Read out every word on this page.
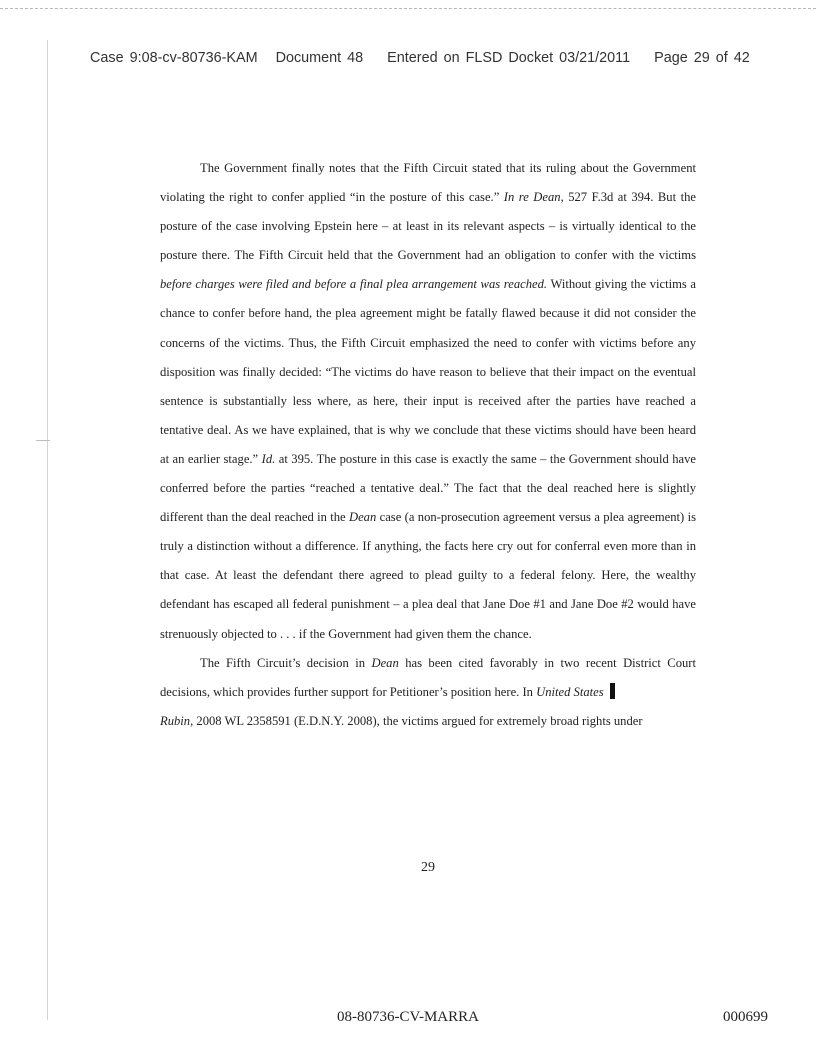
Case 9:08-cv-80736-KAM Document 48 Entered on FLSD Docket 03/21/2011 Page 29 of 42

The Government finally notes that the Fifth Circuit stated that its ruling about the Government violating the right to confer applied “in the posture of this case.” In re Dean, 527 F.3d at 394. But the posture of the case involving Epstein here – at least in its relevant aspects – is virtually identical to the posture there. The Fifth Circuit held that the Government had an obligation to confer with the victims before charges were filed and before a final plea arrangement was reached. Without giving the victims a chance to confer before hand, the plea agreement might be fatally flawed because it did not consider the concerns of the victims. Thus, the Fifth Circuit emphasized the need to confer with victims before any disposition was finally decided: “The victims do have reason to believe that their impact on the eventual sentence is substantially less where, as here, their input is received after the parties have reached a tentative deal. As we have explained, that is why we conclude that these victims should have been heard at an earlier stage.” Id. at 395. The posture in this case is exactly the same – the Government should have conferred before the parties “reached a tentative deal.” The fact that the deal reached here is slightly different than the deal reached in the Dean case (a non-prosecution agreement versus a plea agreement) is truly a distinction without a difference. If anything, the facts here cry out for conferral even more than in that case. At least the defendant there agreed to plead guilty to a federal felony. Here, the wealthy defendant has escaped all federal punishment – a plea deal that Jane Doe #1 and Jane Doe #2 would have strenuously objected to . . . if the Government had given them the chance.

The Fifth Circuit’s decision in Dean has been cited favorably in two recent District Court decisions, which provides further support for Petitioner’s position here. In United States
Rubin, 2008 WL 2358591 (E.D.N.Y. 2008), the victims argued for extremely broad rights under

29
08-80736-CV-MARRA	000699
